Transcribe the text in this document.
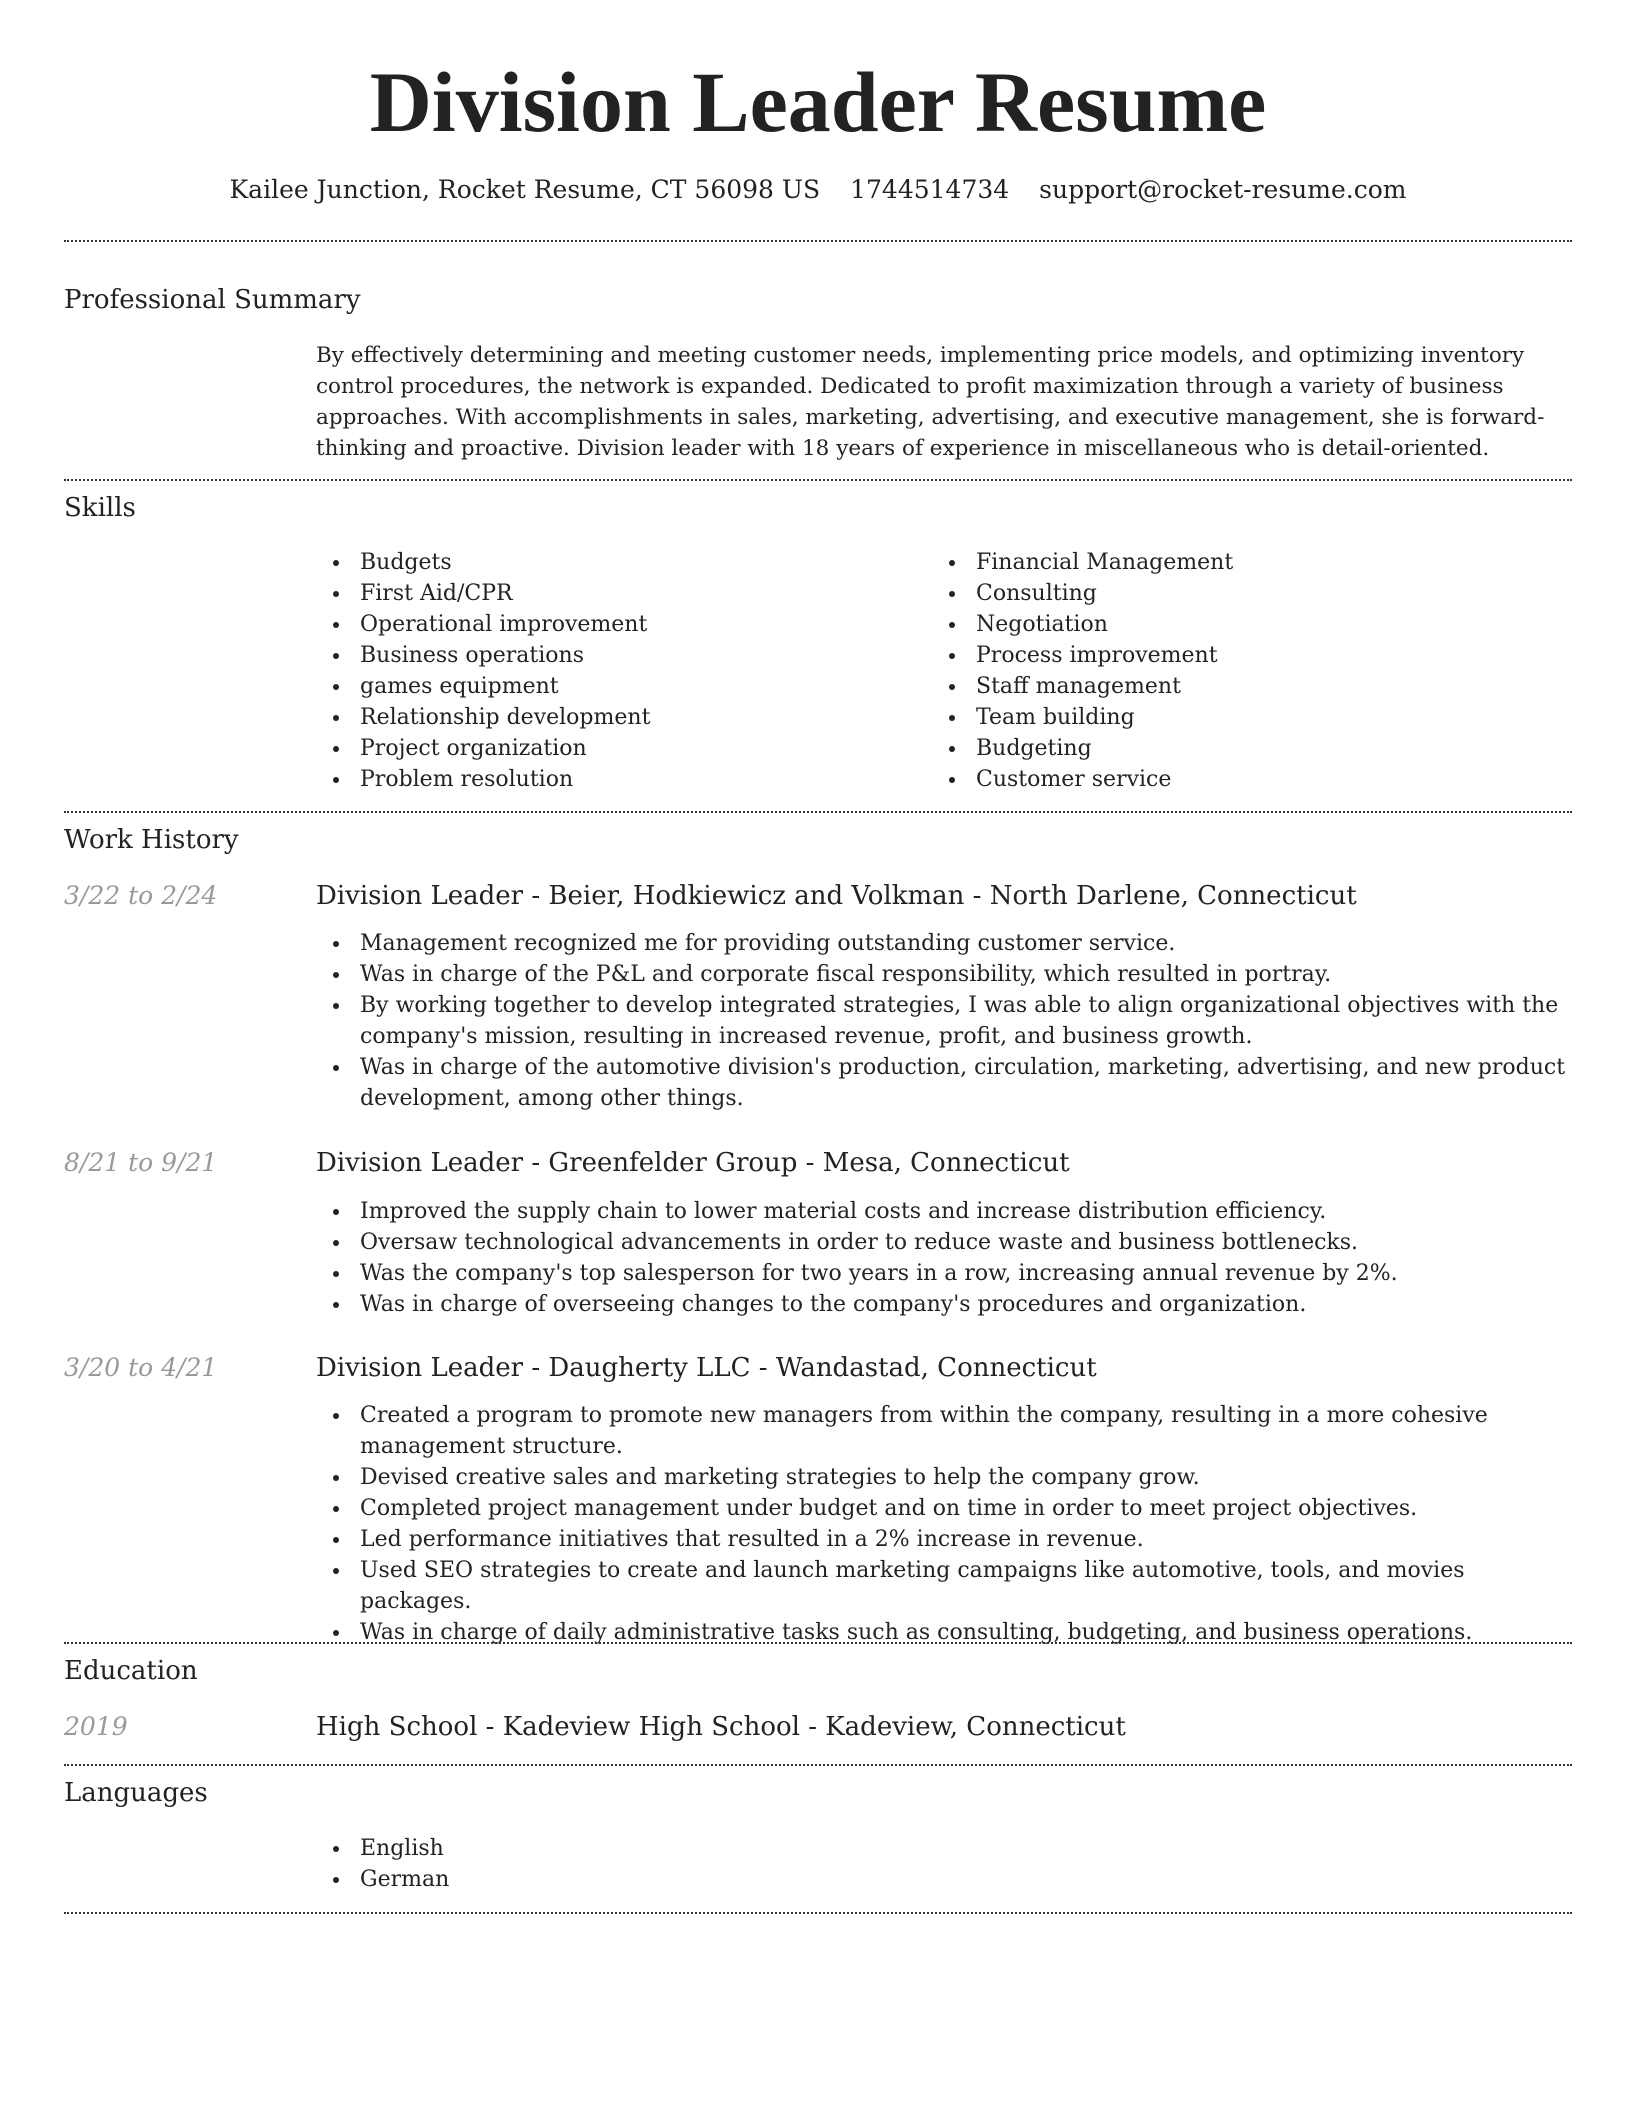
Division Leader Resume
Kailee Junction, Rocket Resume, CT 56098 US 1744514734 support@rocket-resume.com
Professional Summary

By effectively determining and meeting customer needs, implementing price models, and optimizing inventory control procedures, the network is expanded. Dedicated to profit maximization through a variety of business approaches. With accomplishments in sales, marketing, advertising, and executive management, she is forward-thinking and proactive. Division leader with 18 years of experience in miscellaneous who is detail-oriented.

Skills
Budgets
First Aid/CPR
Operational improvement
Business operations
games equipment
Relationship development
Project organization
Problem resolution
Financial Management
Consulting
Negotiation
Process improvement
Staff management
Team building
Budgeting
Customer service
Work History
3/22 to 2/24	Division Leader - Beier, Hodkiewicz and Volkman - North Darlene, Connecticut
Management recognized me for providing outstanding customer service.
Was in charge of the P&L and corporate fiscal responsibility, which resulted in portray.
By working together to develop integrated strategies, I was able to align organizational objectives with the company's mission, resulting in increased revenue, profit, and business growth.
Was in charge of the automotive division's production, circulation, marketing, advertising, and new product development, among other things.
8/21 to 9/21	Division Leader - Greenfelder Group - Mesa, Connecticut
Improved the supply chain to lower material costs and increase distribution efficiency.
Oversaw technological advancements in order to reduce waste and business bottlenecks.
Was the company's top salesperson for two years in a row, increasing annual revenue by 2%.
Was in charge of overseeing changes to the company's procedures and organization.
3/20 to 4/21	Division Leader - Daugherty LLC - Wandastad, Connecticut
Created a program to promote new managers from within the company, resulting in a more cohesive management structure.
Devised creative sales and marketing strategies to help the company grow.
Completed project management under budget and on time in order to meet project objectives.
Led performance initiatives that resulted in a 2% increase in revenue.
Used SEO strategies to create and launch marketing campaigns like automotive, tools, and movies packages.
Was in charge of daily administrative tasks such as consulting, budgeting, and business operations.
Education
2019	High School - Kadeview High School - Kadeview, Connecticut
Languages
English
German
